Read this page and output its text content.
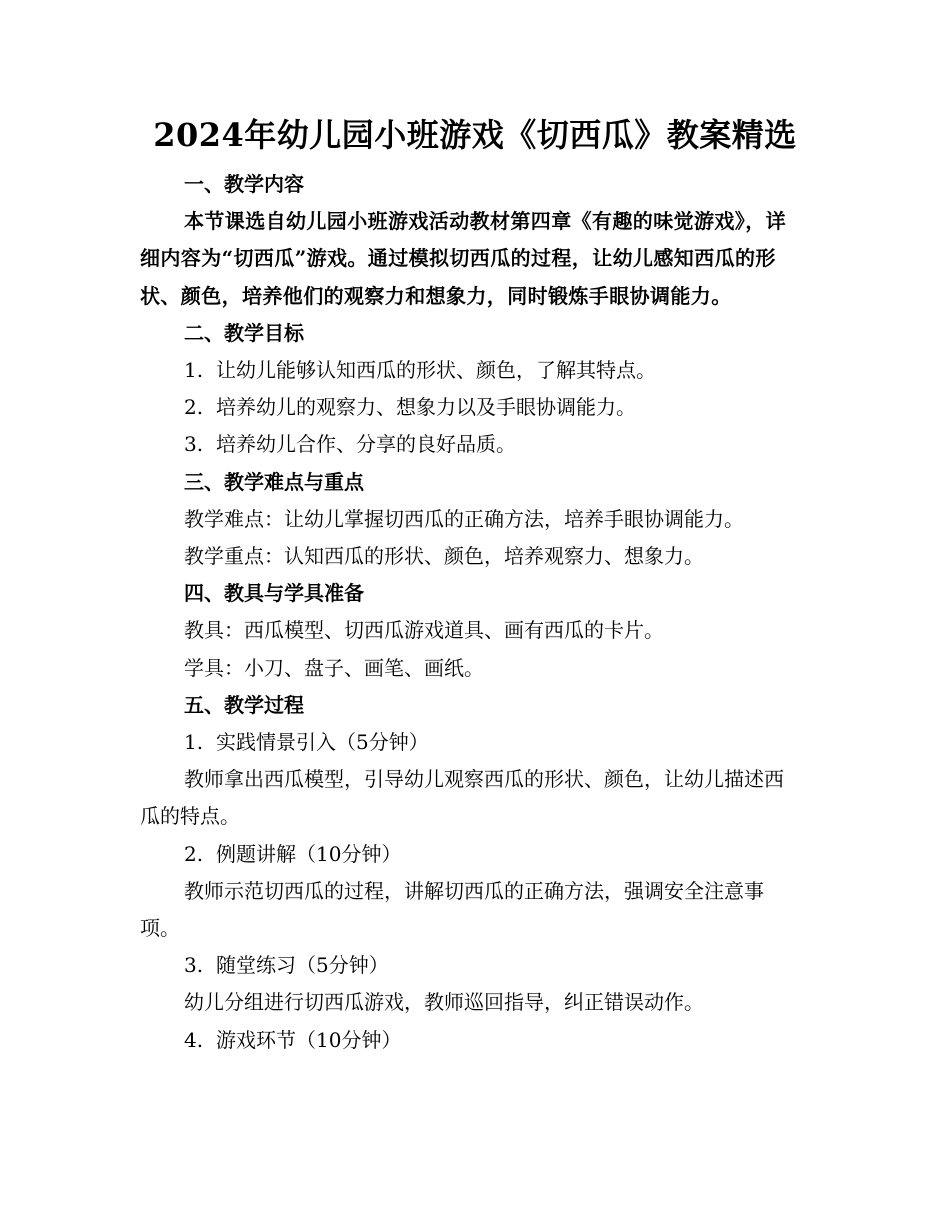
2024年幼儿园小班游戏《切西瓜》教案精选

一、教学内容

本节课选自幼儿园小班游戏活动教材第四章《有趣的味觉游戏》，详细内容为“切西瓜”游戏。通过模拟切西瓜的过程，让幼儿感知西瓜的形状、颜色，培养他们的观察力和想象力，同时锻炼手眼协调能力。

二、教学目标

1. 让幼儿能够认知西瓜的形状、颜色，了解其特点。

2. 培养幼儿的观察力、想象力以及手眼协调能力。

3. 培养幼儿合作、分享的良好品质。

三、教学难点与重点

教学难点：让幼儿掌握切西瓜的正确方法，培养手眼协调能力。

教学重点：认知西瓜的形状、颜色，培养观察力、想象力。

四、教具与学具准备

教具：西瓜模型、切西瓜游戏道具、画有西瓜的卡片。

学具：小刀、盘子、画笔、画纸。

五、教学过程

1. 实践情景引入（5分钟）

教师拿出西瓜模型，引导幼儿观察西瓜的形状、颜色，让幼儿描述西瓜的特点。

2. 例题讲解（10分钟）

教师示范切西瓜的过程，讲解切西瓜的正确方法，强调安全注意事项。

3. 随堂练习（5分钟）

幼儿分组进行切西瓜游戏，教师巡回指导，纠正错误动作。

4. 游戏环节（10分钟）
